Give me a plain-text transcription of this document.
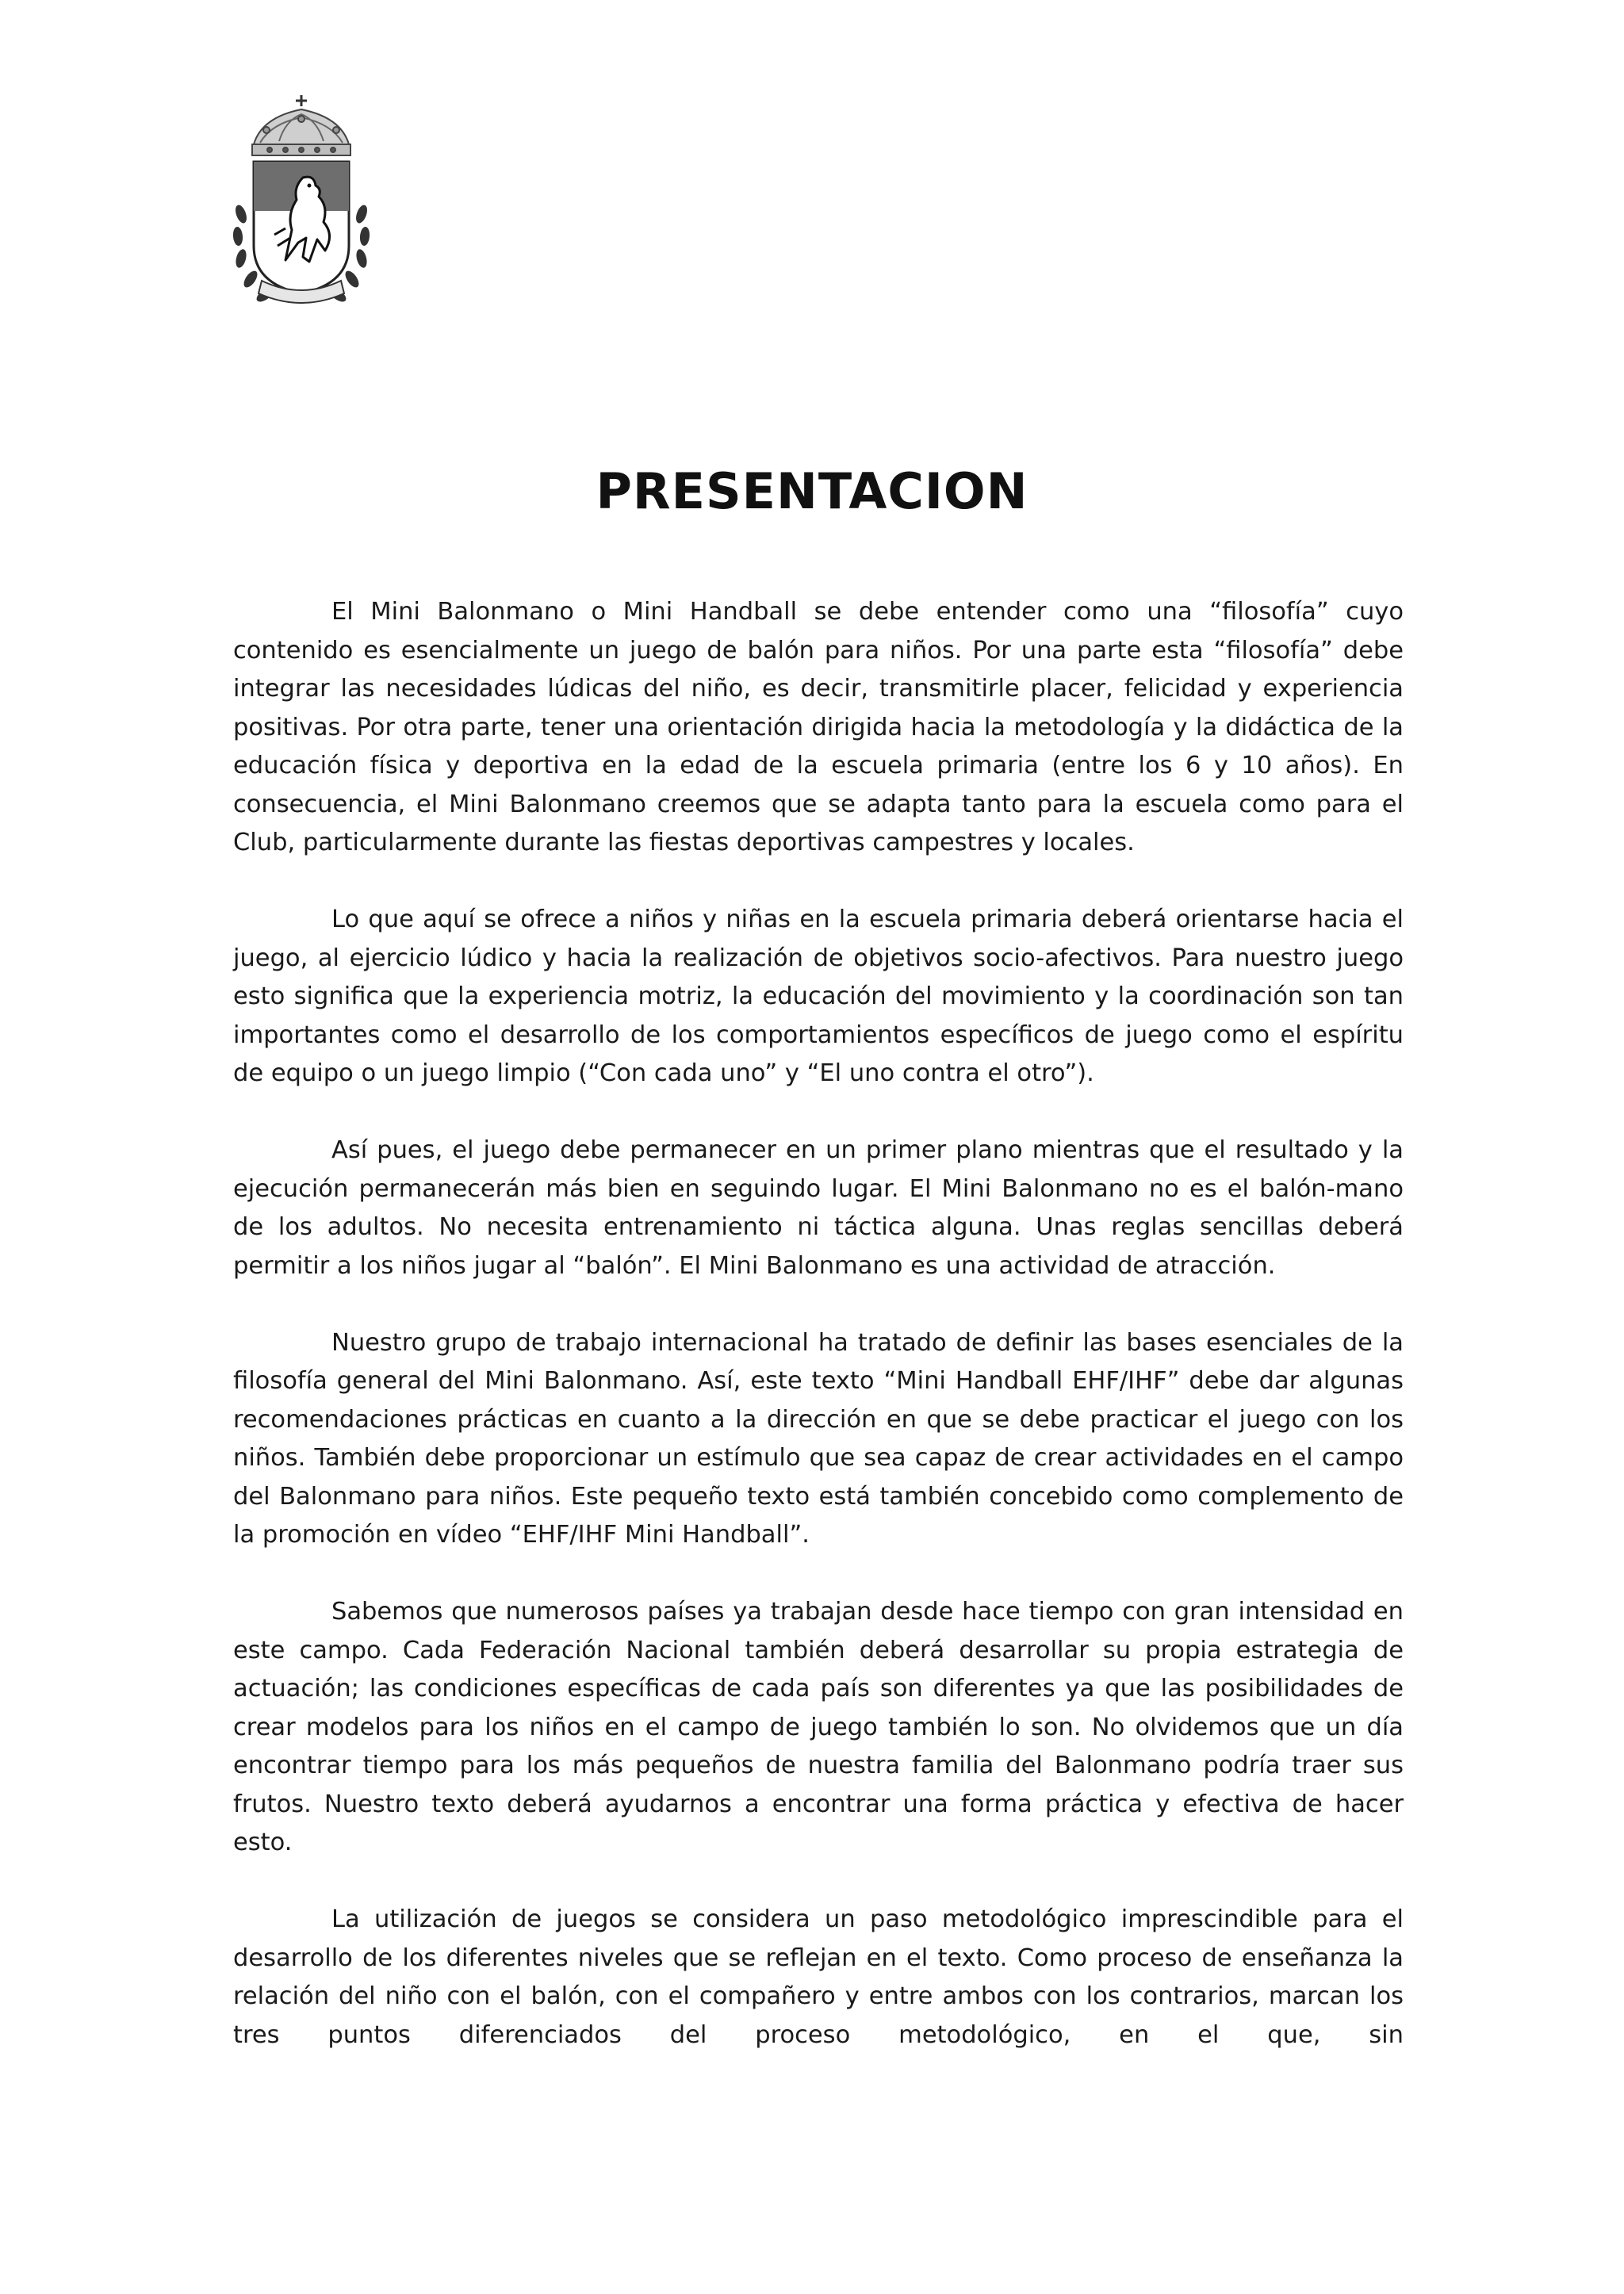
PRESENTACION

El Mini Balonmano o Mini Handball se debe entender como una “filosofía” cuyo contenido es esencialmente un juego de balón para niños. Por una parte esta “filosofía” debe integrar las necesidades lúdicas del niño, es decir, transmitirle placer, felicidad y experiencia positivas. Por otra parte, tener una orientación dirigida hacia la metodología y la didáctica de la educación física y deportiva en la edad de la escuela primaria (entre los 6 y 10 años). En consecuencia, el Mini Balonmano creemos que se adapta tanto para la escuela como para el Club, particularmente durante las fiestas deportivas campestres y locales.

Lo que aquí se ofrece a niños y niñas en la escuela primaria deberá orientarse hacia el juego, al ejercicio lúdico y hacia la realización de objetivos socio-afectivos. Para nuestro juego esto significa que la experiencia motriz, la educación del movimiento y la coordinación son tan importantes como el desarrollo de los comportamientos específicos de juego como el espíritu de equipo o un juego limpio (“Con cada uno” y “El uno contra el otro”).

Así pues, el juego debe permanecer en un primer plano mientras que el resultado y la ejecución permanecerán más bien en seguindo lugar. El Mini Balonmano no es el balón-mano de los adultos. No necesita entrenamiento ni táctica alguna. Unas reglas sencillas deberá permitir a los niños jugar al “balón”. El Mini Balonmano es una actividad de atracción.

Nuestro grupo de trabajo internacional ha tratado de definir las bases esenciales de la filosofía general del Mini Balonmano. Así, este texto “Mini Handball EHF/IHF” debe dar algunas recomendaciones prácticas en cuanto a la dirección en que se debe practicar el juego con los niños. También debe proporcionar un estímulo que sea capaz de crear actividades en el campo del Balonmano para niños. Este pequeño texto está también concebido como complemento de la promoción en vídeo “EHF/IHF Mini Handball”.

Sabemos que numerosos países ya trabajan desde hace tiempo con gran intensidad en este campo. Cada Federación Nacional también deberá desarrollar su propia estrategia de actuación; las condiciones específicas de cada país son diferentes ya que las posibilidades de crear modelos para los niños en el campo de juego también lo son. No olvidemos que un día encontrar tiempo para los más pequeños de nuestra familia del Balonmano podría traer sus frutos. Nuestro texto deberá ayudarnos a encontrar una forma práctica y efectiva de hacer esto.

La utilización de juegos se considera un paso metodológico imprescindible para el desarrollo de los diferentes niveles que se reflejan en el texto. Como proceso de enseñanza la relación del niño con el balón, con el compañero y entre ambos con los contrarios, marcan los tres puntos diferenciados del proceso metodológico, en el que, sin
